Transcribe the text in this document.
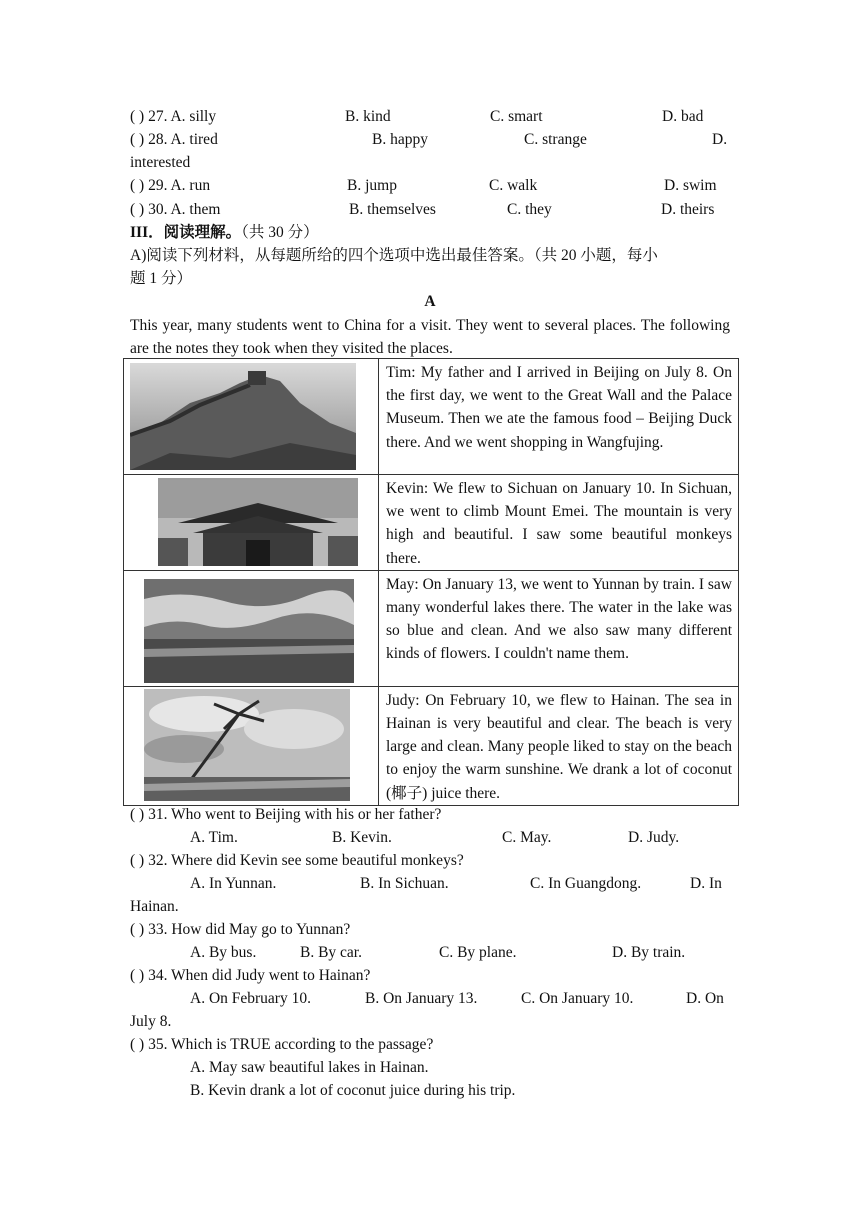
( ) 27. A. silly	B. kind	C. smart	D. bad
( ) 28. A. tired	B. happy	C. strange	D.
interested
( ) 29. A. run	B. jump	C. walk	D. swim
( ) 30. A. them	B. themselves	C. they	D. theirs
III．阅读理解。（共 30 分）
A)阅读下列材料，从每题所给的四个选项中选出最佳答案。（共 20 小题，每小
题 1 分）
A
This year, many students went to China for a visit. They went to several places. The following are the notes they took when they visited the places.
	Tim: My father and I arrived in Beijing on July 8. On the first day, we went to the Great Wall and the Palace Museum. Then we ate the famous food – Beijing Duck there. And we went shopping in Wangfujing.

	Kevin: We flew to Sichuan on January 10. In Sichuan, we went to climb Mount Emei. The mountain is very high and beautiful. I saw some beautiful monkeys there.

	May: On January 13, we went to Yunnan by train. I saw many wonderful lakes there. The water in the lake was so blue and clean. And we also saw many different kinds of flowers. I couldn't name them.

	Judy: On February 10, we flew to Hainan. The sea in Hainan is very beautiful and clear. The beach is very large and clean. Many people liked to stay on the beach to enjoy the warm sunshine. We drank a lot of coconut (椰子) juice there.
( ) 31. Who went to Beijing with his or her father?
A. Tim.	B. Kevin.	C. May.	D. Judy.
( ) 32. Where did Kevin see some beautiful monkeys?
A. In Yunnan.	B. In Sichuan.	C. In Guangdong.	D. In
Hainan.
( ) 33. How did May go to Yunnan?
A. By bus.	B. By car.	C. By plane.	D. By train.
( ) 34. When did Judy went to Hainan?
A. On February 10.	B. On January 13.	C. On January 10.	D. On
July 8.
( ) 35. Which is TRUE according to the passage?
A. May saw beautiful lakes in Hainan.
B. Kevin drank a lot of coconut juice during his trip.
